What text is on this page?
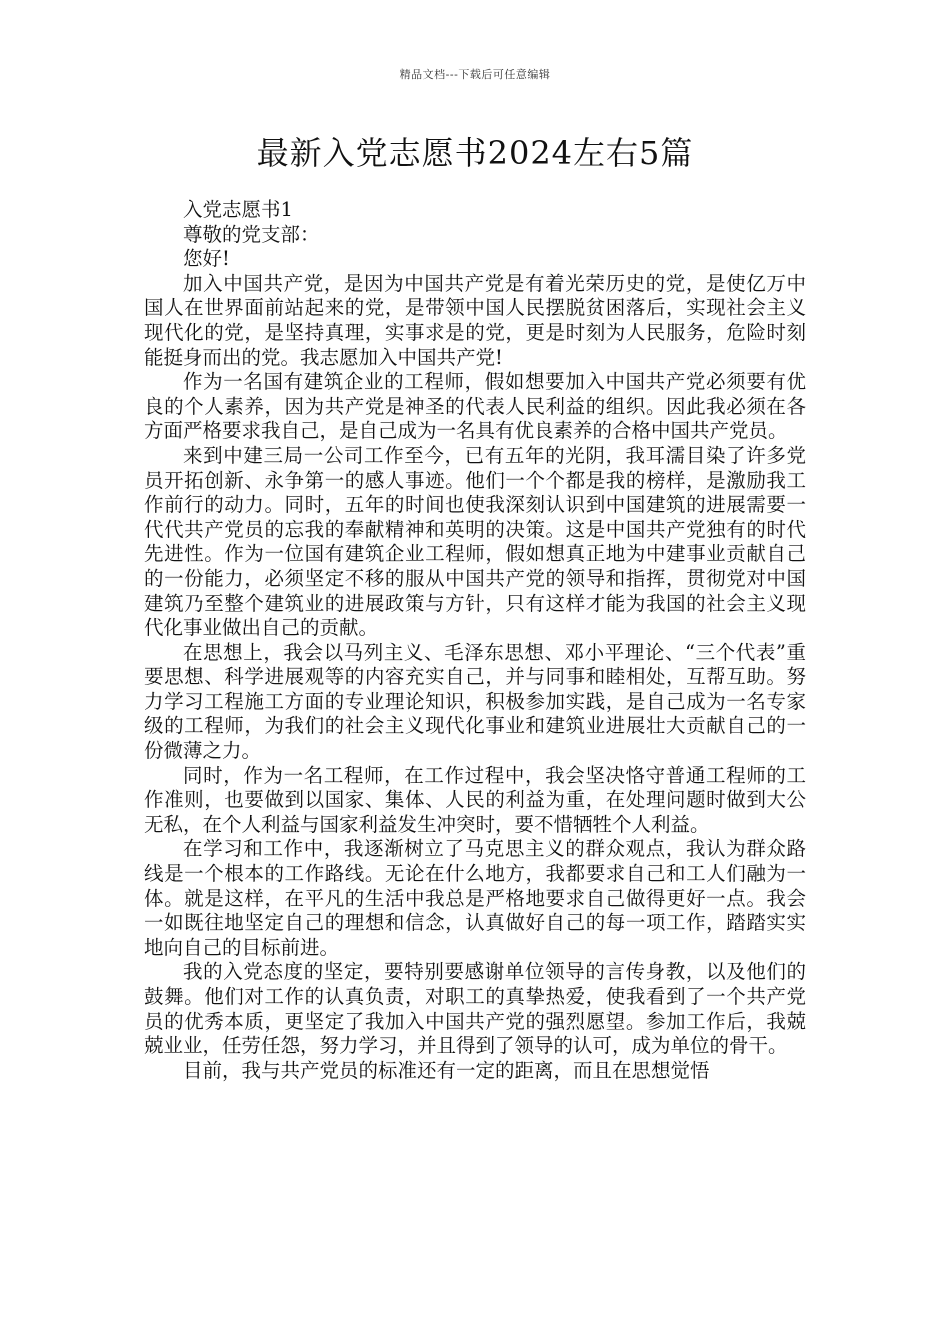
精品文档---下载后可任意编辑
最新入党志愿书2024左右5篇

入党志愿书1

尊敬的党支部：

您好!

加入中国共产党，是因为中国共产党是有着光荣历史的党，是使亿万中国人在世界面前站起来的党，是带领中国人民摆脱贫困落后，实现社会主义现代化的党，是坚持真理，实事求是的党，更是时刻为人民服务，危险时刻能挺身而出的党。我志愿加入中国共产党!

作为一名国有建筑企业的工程师，假如想要加入中国共产党必须要有优良的个人素养，因为共产党是神圣的代表人民利益的组织。因此我必须在各方面严格要求我自己，是自己成为一名具有优良素养的合格中国共产党员。

来到中建三局一公司工作至今，已有五年的光阴，我耳濡目染了许多党员开拓创新、永争第一的感人事迹。他们一个个都是我的榜样，是激励我工作前行的动力。同时，五年的时间也使我深刻认识到中国建筑的进展需要一代代共产党员的忘我的奉献精神和英明的决策。这是中国共产党独有的时代先进性。作为一位国有建筑企业工程师，假如想真正地为中建事业贡献自己的一份能力，必须坚定不移的服从中国共产党的领导和指挥，贯彻党对中国建筑乃至整个建筑业的进展政策与方针，只有这样才能为我国的社会主义现代化事业做出自己的贡献。

在思想上，我会以马列主义、毛泽东思想、邓小平理论、“三个代表”重要思想、科学进展观等的内容充实自己，并与同事和睦相处，互帮互助。努力学习工程施工方面的专业理论知识，积极参加实践，是自己成为一名专家级的工程师，为我们的社会主义现代化事业和建筑业进展壮大贡献自己的一份微薄之力。

同时，作为一名工程师，在工作过程中，我会坚决恪守普通工程师的工作准则，也要做到以国家、集体、人民的利益为重，在处理问题时做到大公无私，在个人利益与国家利益发生冲突时，要不惜牺牲个人利益。

在学习和工作中，我逐渐树立了马克思主义的群众观点，我认为群众路线是一个根本的工作路线。无论在什么地方，我都要求自己和工人们融为一体。就是这样，在平凡的生活中我总是严格地要求自己做得更好一点。我会一如既往地坚定自己的理想和信念，认真做好自己的每一项工作，踏踏实实地向自己的目标前进。

我的入党态度的坚定，要特别要感谢单位领导的言传身教，以及他们的鼓舞。他们对工作的认真负责，对职工的真挚热爱，使我看到了一个共产党员的优秀本质，更坚定了我加入中国共产党的强烈愿望。参加工作后，我兢兢业业，任劳任怨，努力学习，并且得到了领导的认可，成为单位的骨干。

目前，我与共产党员的标准还有一定的距离，而且在思想觉悟
